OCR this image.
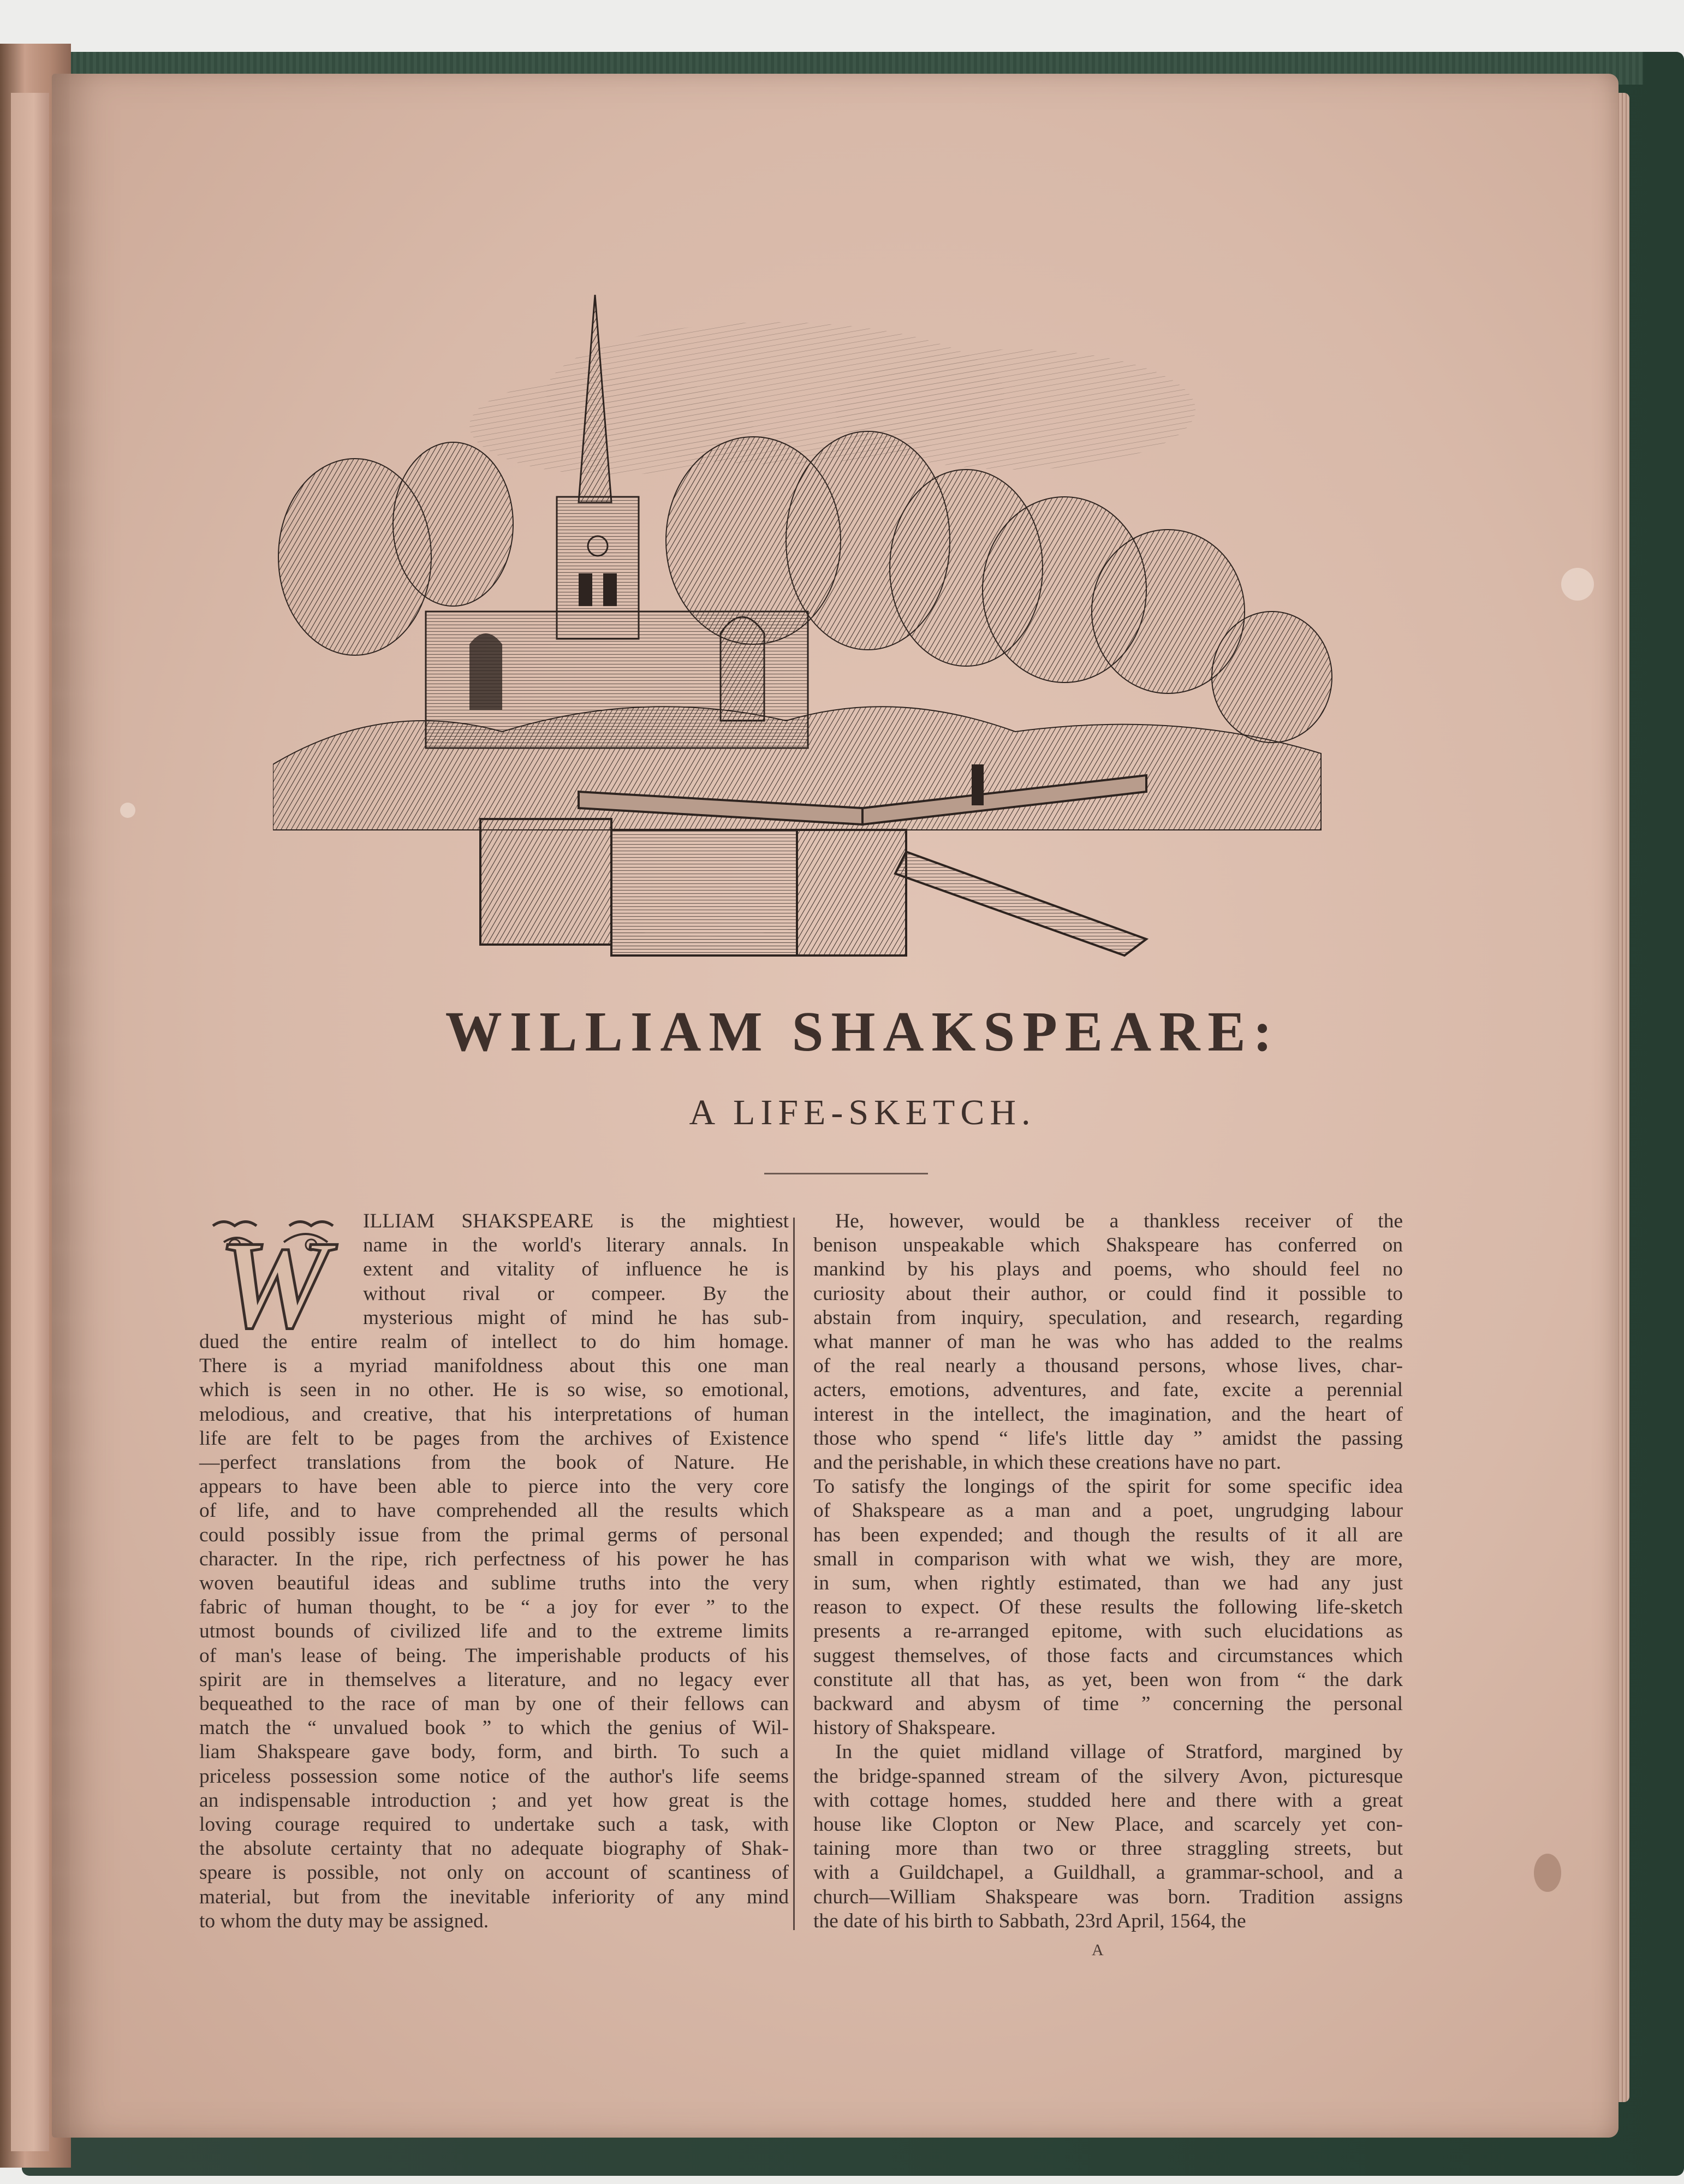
WILLIAM SHAKSPEARE:
A LIFE-SKETCH.
W	ILLIAM SHAKSPEARE is the mightiest
name in the world's literary annals. In
extent and vitality of influence he is
without rival or compeer. By the
mysterious might of mind he has sub-
dued the entire realm of intellect to do him homage.
There is a myriad manifoldness about this one man
which is seen in no other. He is so wise, so emotional,
melodious, and creative, that his interpretations of human
life are felt to be pages from the archives of Existence
—perfect translations from the book of Nature. He
appears to have been able to pierce into the very core
of life, and to have comprehended all the results which
could possibly issue from the primal germs of personal
character. In the ripe, rich perfectness of his power he has
woven beautiful ideas and sublime truths into the very
fabric of human thought, to be “ a joy for ever ” to the
utmost bounds of civilized life and to the extreme limits
of man's lease of being. The imperishable products of his
spirit are in themselves a literature, and no legacy ever
bequeathed to the race of man by one of their fellows can
match the “ unvalued book ” to which the genius of Wil-
liam Shakspeare gave body, form, and birth. To such a
priceless possession some notice of the author's life seems
an indispensable introduction ; and yet how great is the
loving courage required to undertake such a task, with
the absolute certainty that no adequate biography of Shak-
speare is possible, not only on account of scantiness of
material, but from the inevitable inferiority of any mind
to whom the duty may be assigned.
He, however, would be a thankless receiver of the
benison unspeakable which Shakspeare has conferred on
mankind by his plays and poems, who should feel no
curiosity about their author, or could find it possible to
abstain from inquiry, speculation, and research, regarding
what manner of man he was who has added to the realms
of the real nearly a thousand persons, whose lives, char-
acters, emotions, adventures, and fate, excite a perennial
interest in the intellect, the imagination, and the heart of
those who spend “ life's little day ” amidst the passing
and the perishable, in which these creations have no part.
To satisfy the longings of the spirit for some specific idea
of Shakspeare as a man and a poet, ungrudging labour
has been expended; and though the results of it all are
small in comparison with what we wish, they are more,
in sum, when rightly estimated, than we had any just
reason to expect. Of these results the following life-sketch
presents a re-arranged epitome, with such elucidations as
suggest themselves, of those facts and circumstances which
constitute all that has, as yet, been won from “ the dark
backward and abysm of time ” concerning the personal
history of Shakspeare.
In the quiet midland village of Stratford, margined by
the bridge-spanned stream of the silvery Avon, picturesque
with cottage homes, studded here and there with a great
house like Clopton or New Place, and scarcely yet con-
taining more than two or three straggling streets, but
with a Guildchapel, a Guildhall, a grammar-school, and a
church—William Shakspeare was born. Tradition assigns
the date of his birth to Sabbath, 23rd April, 1564, the
A
